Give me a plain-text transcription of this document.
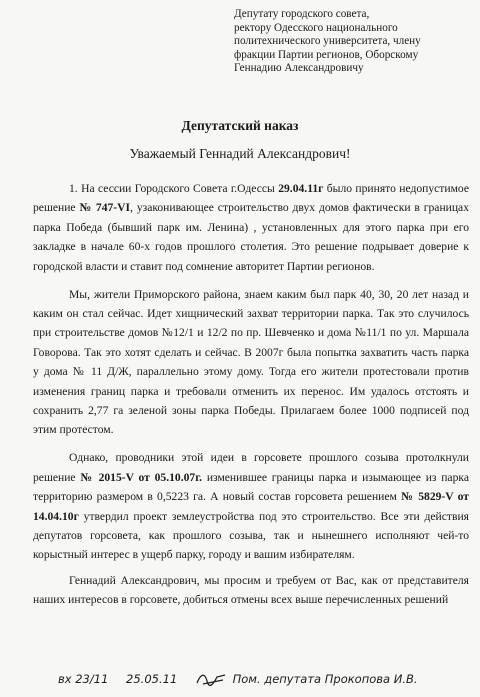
Депутату городского совета,
ректору Одесского национального
политехнического университета, члену
фракции Партии регионов, Оборскому
Геннадию Александровичу
Депутатский наказ
Уважаемый Геннадий Александрович!

1. На сессии Городского Совета г.Одессы 29.04.11г было принято недопустимое решение № 747-VI, узаконивающее строительство двух домов фактически в границах парка Победа (бывший парк им. Ленина) , установленных для этого парка при его закладке в начале 60-х годов прошлого столетия. Это решение подрывает доверие к городской власти и ставит под сомнение авторитет Партии регионов.

Мы, жители Приморского района, знаем каким был парк 40, 30, 20 лет назад и каким он стал сейчас. Идет хищнический захват территории парка. Так это случилось при строительстве домов №12/1 и 12/2 по пр. Шевченко и дома №11/1 по ул. Маршала Говорова. Так это хотят сделать и сейчас. В 2007г была попытка захватить часть парка у дома № 11 Д/Ж, параллельно этому дому. Тогда его жители протестовали против изменения границ парка и требовали отменить их перенос. Им удалось отстоять и сохранить 2,77 га зеленой зоны парка Победы. Прилагаем более 1000 подписей под этим протестом.

Однако, проводники этой идеи в горсовете прошлого созыва протолкнули решение № 2015-V от 05.10.07г. изменившее границы парка и изымающее из парка территорию размером в 0,5223 га. А новый состав горсовета решением № 5829-V от 14.04.10г утвердил проект землеустройства под это строительство. Все эти действия депутатов горсовета, как прошлого созыва, так и нынешнего исполняют чей-то корыстный интерес в ущерб парку, городу и вашим избирателям.

Геннадий Александрович, мы просим и требуем от Вас, как от представителя наших интересов в горсовете, добиться отмены всех выше перечисленных решений

вх 23/11 25.05.11	Пом. депутата Прокопова И.В.
